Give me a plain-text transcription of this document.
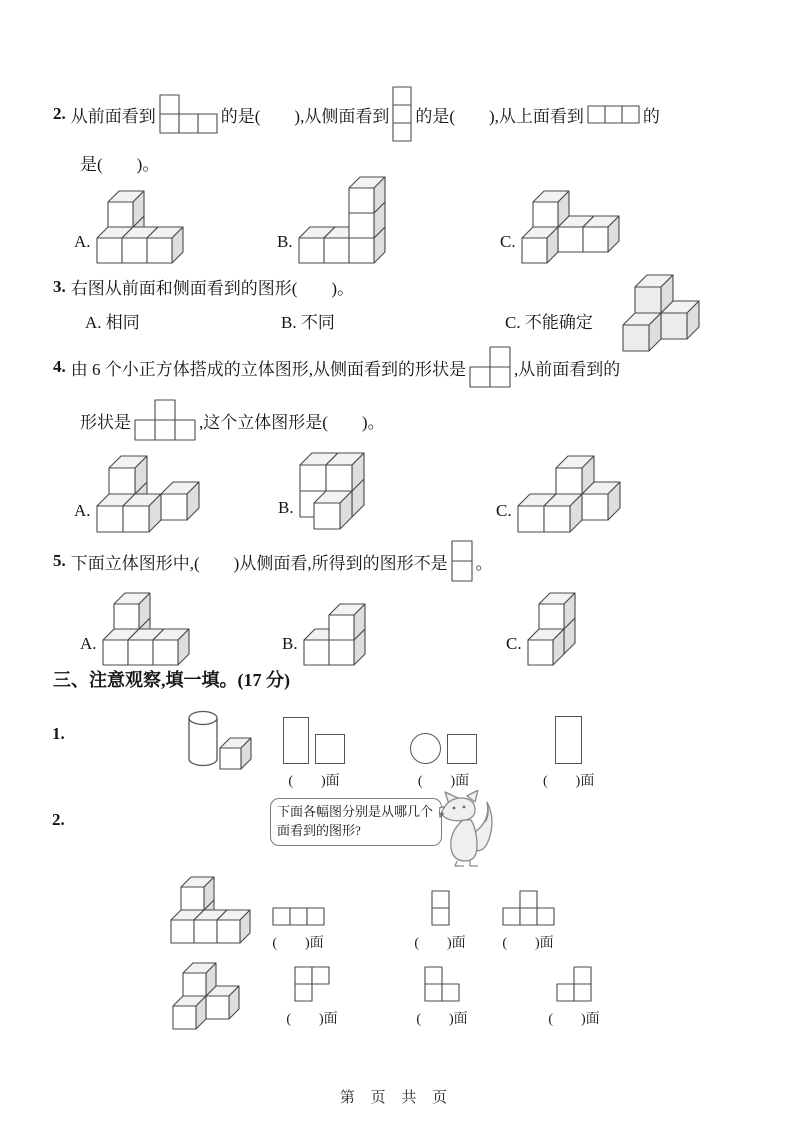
2. 从前面看到	的是(　　),从侧面看到 的是(　　),从上面看到	的
是(　　)。
A.	B.	C.
3. 右图从前面和侧面看到的图形(　　)。
A. 相同	B. 不同	C. 不能确定
4. 由 6 个小正方体搭成的立体图形,从侧面看到的形状是	,从前面看到的
形状是	,这个立体图形是(　　)。
A.	B.	C.
5. 下面立体图形中,(　　)从侧面看,所得到的图形不是 。
A.	B.	C.
三、注意观察,填一填。(17 分)
1.
(　　)面	(　　)面	(　　)面
2.	下面各幅图分别是从哪几个面看到的图形?
(　　)面	(　　)面	(　　)面
(　　)面	(　　)面	(　　)面
第 页 共 页
